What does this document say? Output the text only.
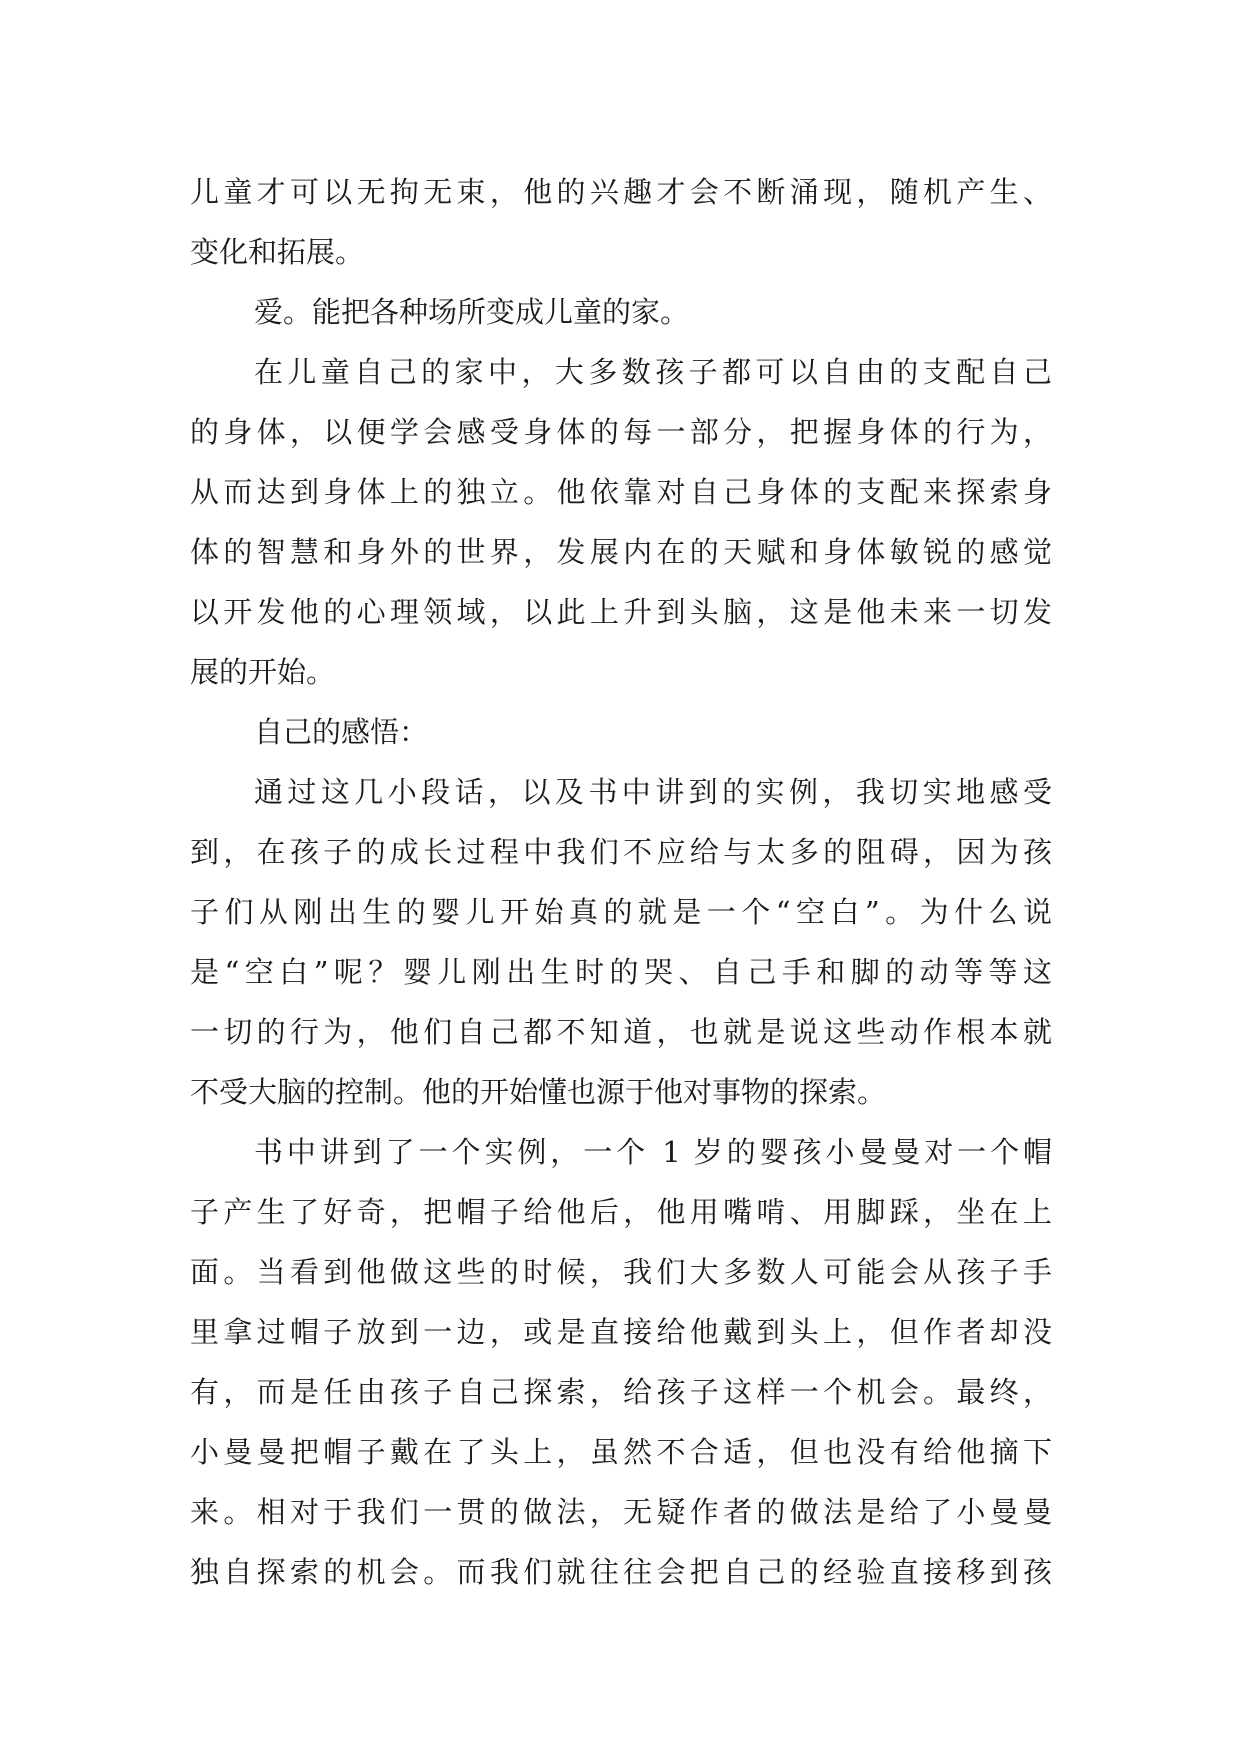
儿童才可以无拘无束，他的兴趣才会不断涌现，随机产生、
变化和拓展。
爱。能把各种场所变成儿童的家。
在儿童自己的家中，大多数孩子都可以自由的支配自己
的身体，以便学会感受身体的每一部分，把握身体的行为，
从而达到身体上的独立。他依靠对自己身体的支配来探索身
体的智慧和身外的世界，发展内在的天赋和身体敏锐的感觉
以开发他的心理领域，以此上升到头脑，这是他未来一切发
展的开始。
自己的感悟：
通过这几小段话，以及书中讲到的实例，我切实地感受
到，在孩子的成长过程中我们不应给与太多的阻碍，因为孩
子们从刚出生的婴儿开始真的就是一个“空白”。为什么说
是“空白”呢？婴儿刚出生时的哭、自己手和脚的动等等这
一切的行为，他们自己都不知道，也就是说这些动作根本就
不受大脑的控制。他的开始懂也源于他对事物的探索。
书中讲到了一个实例，一个 1 岁的婴孩小曼曼对一个帽
子产生了好奇，把帽子给他后，他用嘴啃、用脚踩，坐在上
面。当看到他做这些的时候，我们大多数人可能会从孩子手
里拿过帽子放到一边，或是直接给他戴到头上，但作者却没
有，而是任由孩子自己探索，给孩子这样一个机会。最终，
小曼曼把帽子戴在了头上，虽然不合适，但也没有给他摘下
来。相对于我们一贯的做法，无疑作者的做法是给了小曼曼
独自探索的机会。而我们就往往会把自己的经验直接移到孩
